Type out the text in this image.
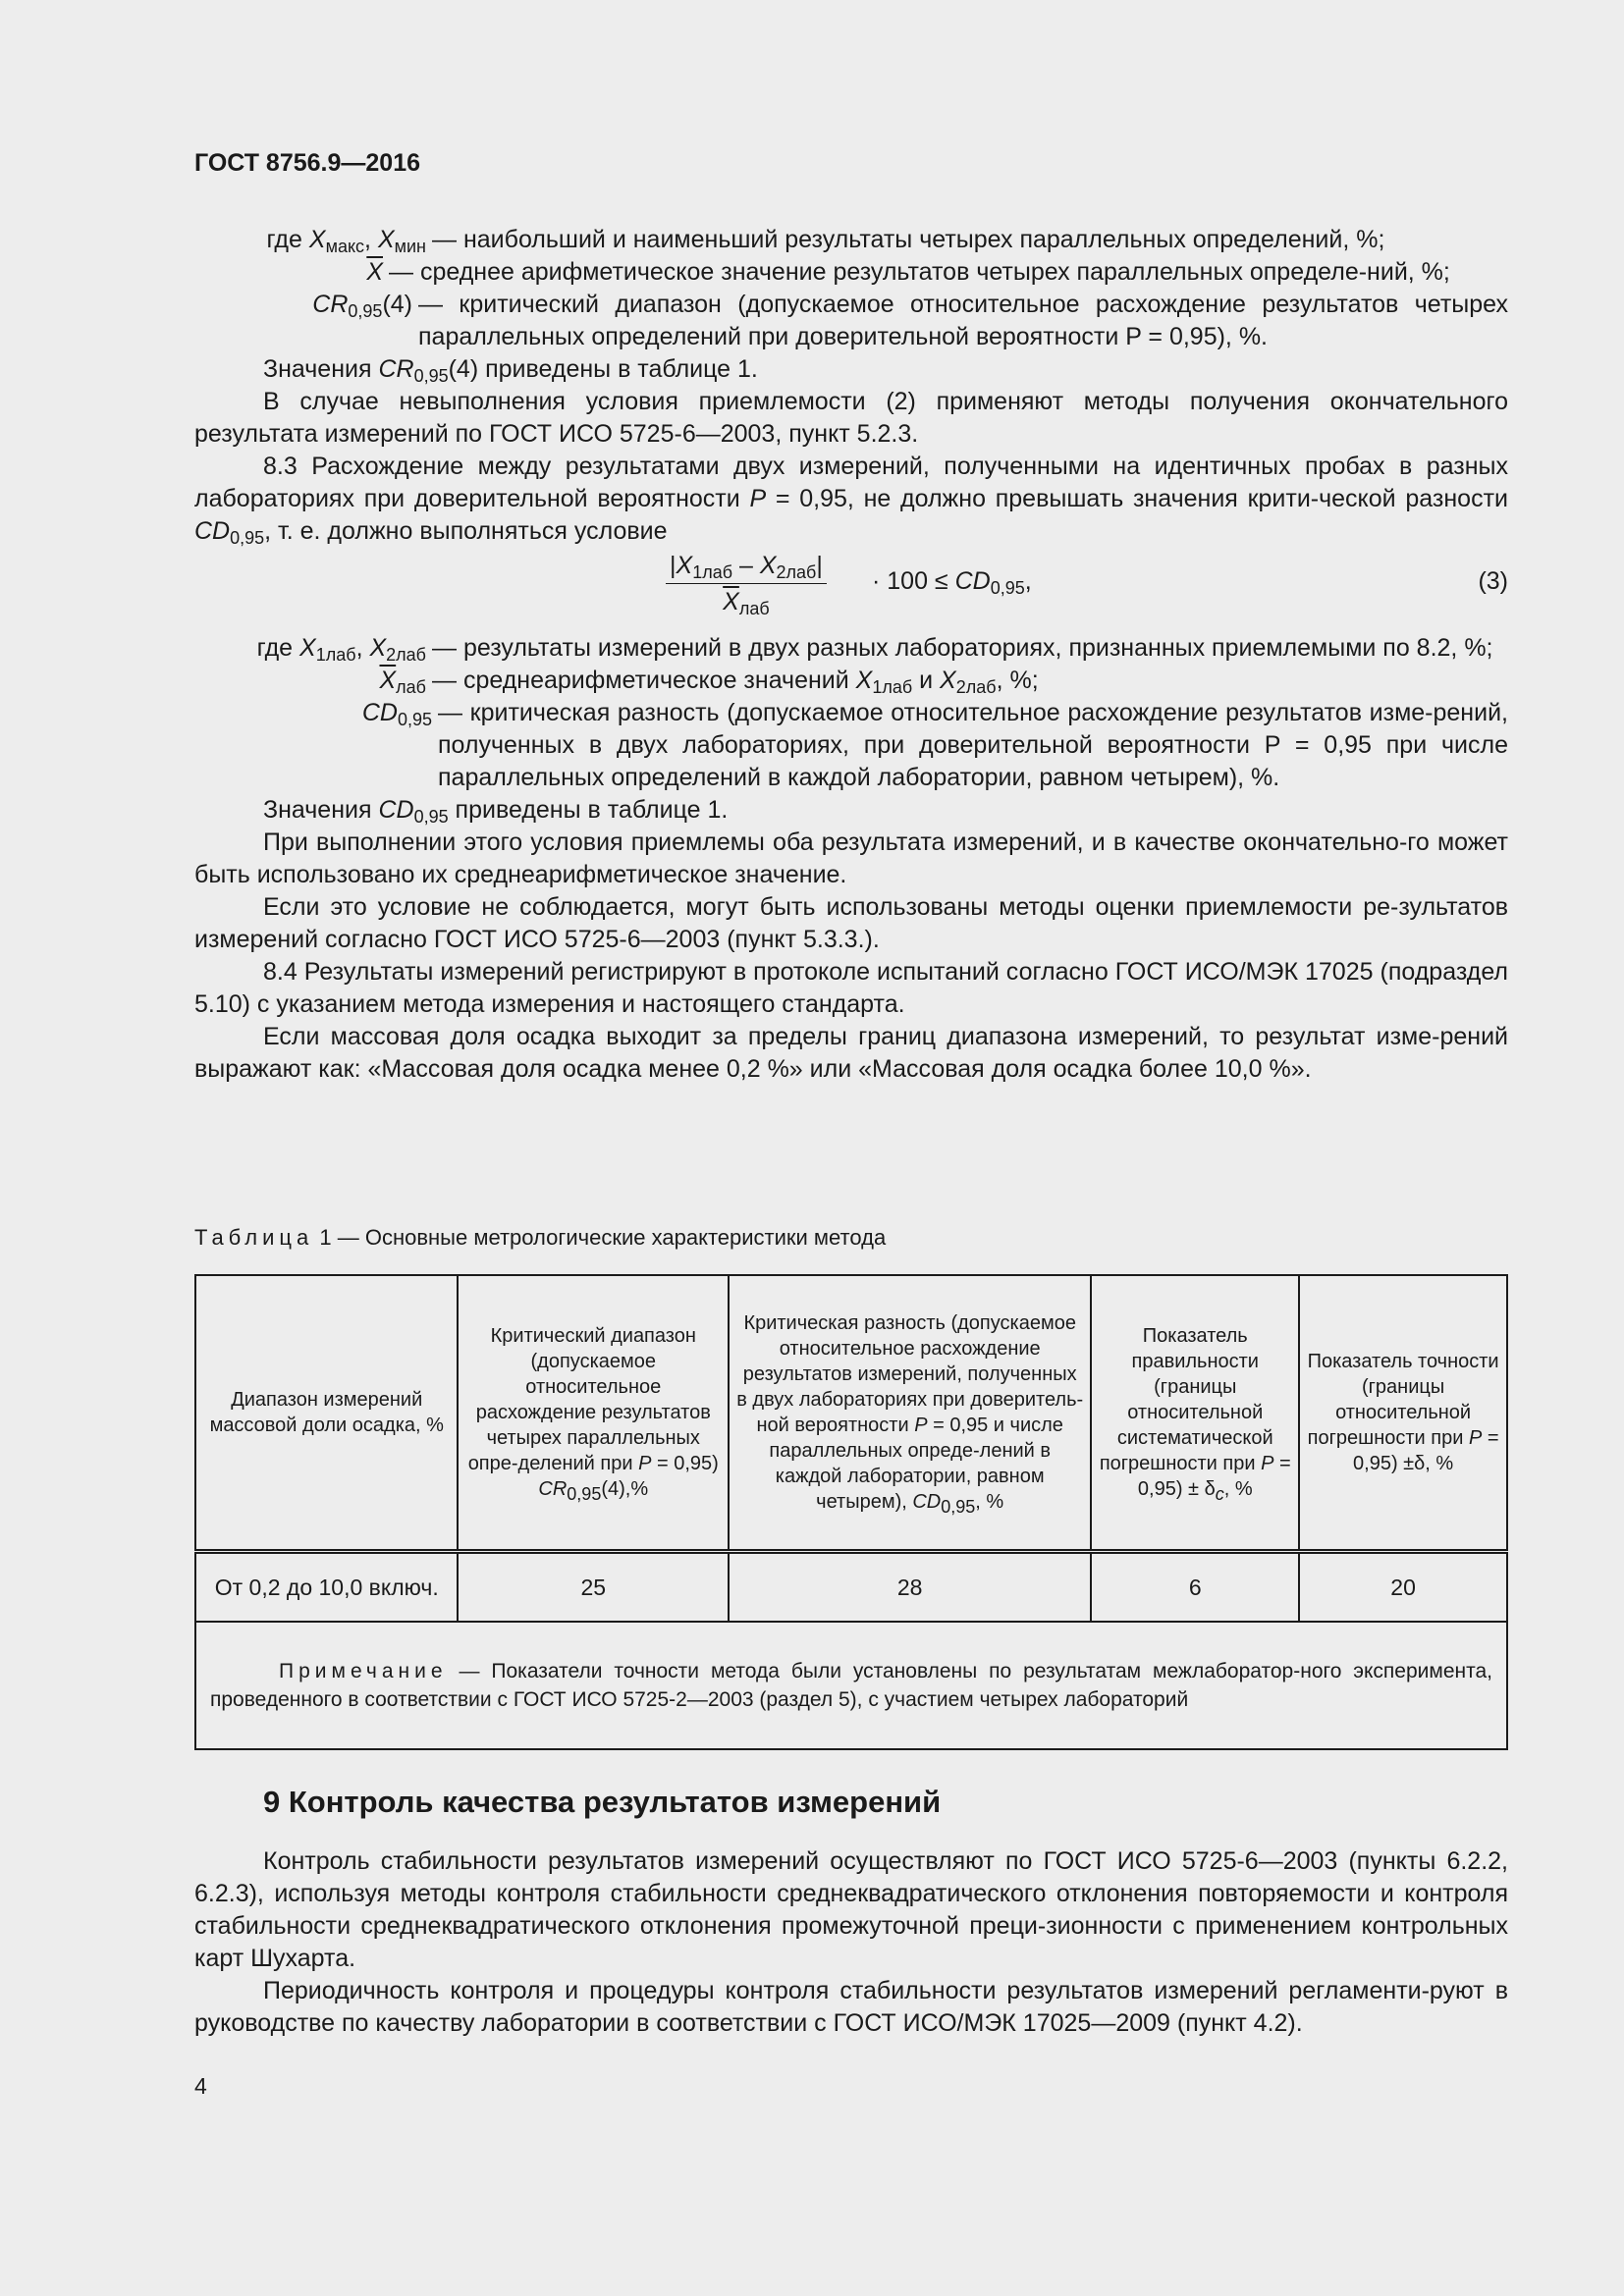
ГОСТ 8756.9—2016
где $X_{макс}$, $X_{мин}$ — наибольший и наименьший результаты четырех параллельных определений, %;
$\overline{X}$ — среднее арифметическое значение результатов четырех параллельных определе-ний, %;
$CR_{0,95}(4)$ — критический диапазон (допускаемое относительное расхождение результатов четырех параллельных определений при доверительной вероятности P = 0,95), %.

Значения $CR_{0,95}(4)$ приведены в таблице 1.

В случае невыполнения условия приемлемости (2) применяют методы получения окончательного результата измерений по ГОСТ ИСО 5725-6—2003, пункт 5.2.3.

8.3 Расхождение между результатами двух измерений, полученными на идентичных пробах в разных лабораториях при доверительной вероятности P = 0,95, не должно превышать значения крити-ческой разности $CD_{0,95}$, т. е. должно выполняться условие

$|X_{1лаб} - X_{2лаб}|$
$\overline{X}_{лаб}$
· $100 \le CD_{0,95}$,	(3)
где $X_{1лаб}$, $X_{2лаб}$ — результаты измерений в двух разных лабораториях, признанных приемлемыми по 8.2, %;
$\overline{X}_{лаб}$ — среднеарифметическое значений $X_{1лаб}$ и $X_{2лаб}$, %;
$CD_{0,95}$ — критическая разность (допускаемое относительное расхождение результатов изме-рений, полученных в двух лабораториях, при доверительной вероятности P = 0,95 при числе параллельных определений в каждой лаборатории, равном четырем), %.

Значения $CD_{0,95}$ приведены в таблице 1.

При выполнении этого условия приемлемы оба результата измерений, и в качестве окончательно-го может быть использовано их среднеарифметическое значение.

Если это условие не соблюдается, могут быть использованы методы оценки приемлемости ре-зультатов измерений согласно ГОСТ ИСО 5725-6—2003 (пункт 5.3.3.).

8.4 Результаты измерений регистрируют в протоколе испытаний согласно ГОСТ ИСО/МЭК 17025 (подраздел 5.10) с указанием метода измерения и настоящего стандарта.

Если массовая доля осадка выходит за пределы границ диапазона измерений, то результат изме-рений выражают как: «Массовая доля осадка менее 0,2 %» или «Массовая доля осадка более 10,0 %».

Таблица 1 — Основные метрологические характеристики метода
Диапазон измерений массовой доли осадка, %	Критический диапазон (допускаемое относительное расхождение результатов четырех параллельных опре-делений при P = 0,95) $CR_{0,95}(4),\%$	Критическая разность (допускаемое относительное расхождение результатов измерений, полученных в двух лабораториях при доверитель-ной вероятности P = 0,95 и числе параллельных опреде-лений в каждой лаборатории, равном четырем), $CD_{0,95}$, %	Показатель правильности (границы относительной систематической погрешности при $P = 0,95) \pm \delta_c$, %	Показатель точности (границы относительной погрешности при P = 0,95) ±δ, %
От 0,2 до 10,0 включ.	25	28	6	20
Примечание — Показатели точности метода были установлены по результатам межлаборатор-ного эксперимента, проведенного в соответствии с ГОСТ ИСО 5725-2—2003 (раздел 5), с участием четырех лабораторий				
9 Контроль качества результатов измерений

Контроль стабильности результатов измерений осуществляют по ГОСТ ИСО 5725-6—2003 (пункты 6.2.2, 6.2.3), используя методы контроля стабильности среднеквадратического отклонения повторяемости и контроля стабильности среднеквадратического отклонения промежуточной преци-зионности с применением контрольных карт Шухарта.

Периодичность контроля и процедуры контроля стабильности результатов измерений регламенти-руют в руководстве по качеству лаборатории в соответствии с ГОСТ ИСО/МЭК 17025—2009 (пункт 4.2).

4
